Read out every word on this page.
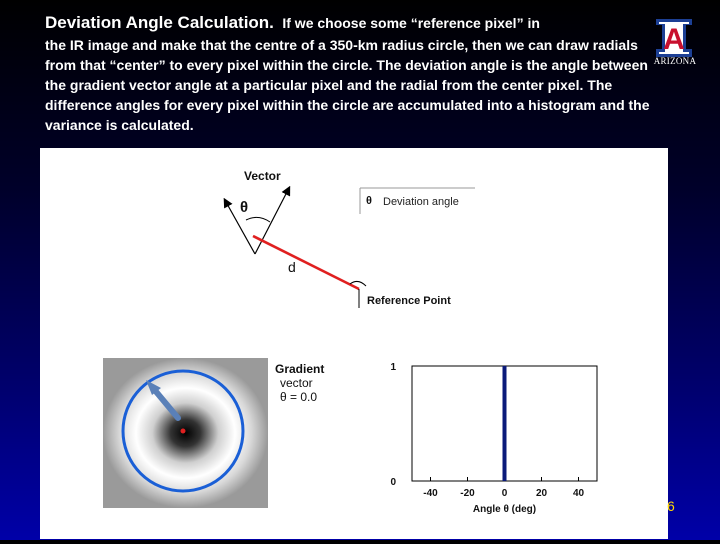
Deviation Angle Calculation. If we choose some “reference pixel” in
the IR image and make that the centre of a 350-km radius circle, then we can draw radials from that “center” to every pixel within the circle. The deviation angle is the angle between the gradient vector angle at a particular pixel and the radial from the center pixel. The difference angles for every pixel within the circle are accumulated into a histogram and the variance is calculated.
A
ARIZONA
Vector
θ
d
Reference Point
θ Deviation angle
Gradient
vector
θ = 0.0
-40 -20	0	20	40
0
1
Angle θ (deg)	6
